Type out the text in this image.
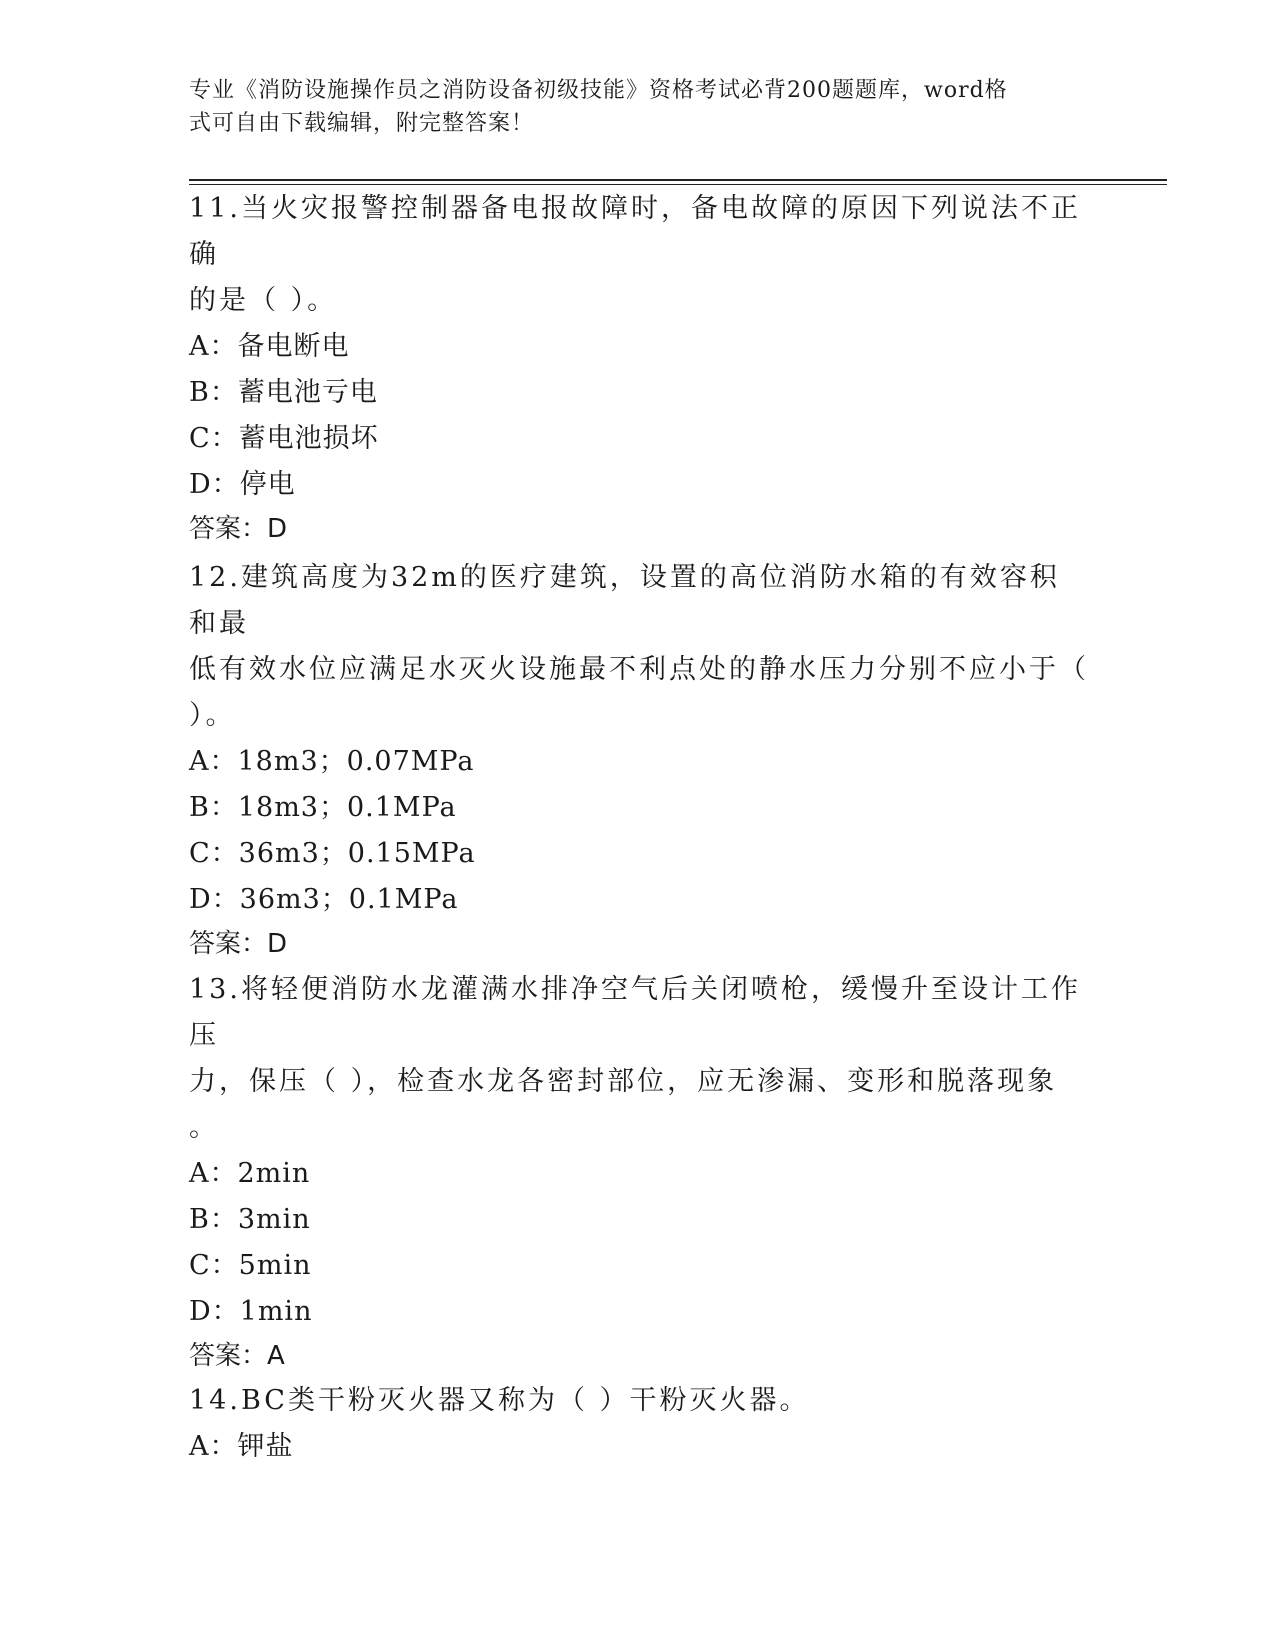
专业《消防设施操作员之消防设备初级技能》资格考试必背200题题库，word格
式可自由下载编辑，附完整答案！

11.当火灾报警控制器备电报故障时，备电故障的原因下列说法不正确

的是（ ）。

A：备电断电

B：蓄电池亏电

C：蓄电池损坏

D：停电

答案：D

12.建筑高度为32m的医疗建筑，设置的高位消防水箱的有效容积和最

低有效水位应满足水灭火设施最不利点处的静水压力分别不应小于（

）。

A：18m3；0.07MPa

B：18m3；0.1MPa

C：36m3；0.15MPa

D：36m3；0.1MPa

答案：D

13.将轻便消防水龙灌满水排净空气后关闭喷枪，缓慢升至设计工作压

力，保压（ ），检查水龙各密封部位，应无渗漏、变形和脱落现象

。

A：2min

B：3min

C：5min

D：1min

答案：A

14.BC类干粉灭火器又称为（ ）干粉灭火器。

A：钾盐
